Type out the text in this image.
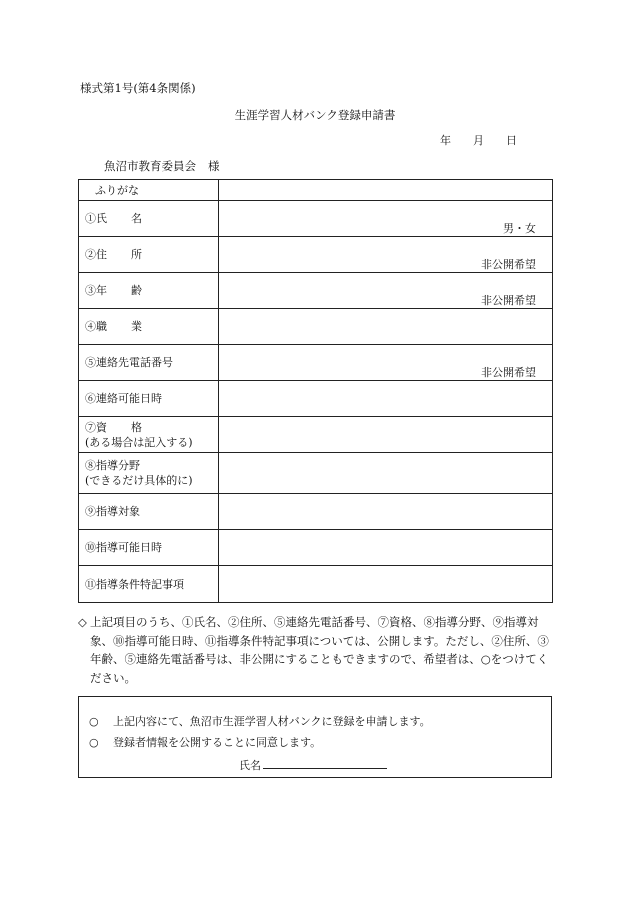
様式第1号(第4条関係)
生涯学習人材バンク登録申請書
年 月 日
魚沼市教育委員会 様
ふりがな	
①氏 名	男・女

②住 所	非公開希望

③年 齢	非公開希望

④職 業	
⑤連絡先電話番号	非公開希望

⑥連絡可能日時	
⑦資 格
(ある場合は記入する)	
⑧指導分野
(できるだけ具体的に)	
⑨指導対象	
⑩指導可能日時	
⑪指導条件特記事項	
◇ 上記項目のうち、①氏名、②住所、⑤連絡先電話番号、⑦資格、⑧指導分野、⑨指導対象、⑩指導可能日時、⑪指導条件特記事項については、公開します。ただし、②住所、③年齢、⑤連絡先電話番号は、非公開にすることもできますので、希望者は、○をつけてください。
○ 上記内容にて、魚沼市生涯学習人材バンクに登録を申請します。
○ 登録者情報を公開することに同意します。
氏名
